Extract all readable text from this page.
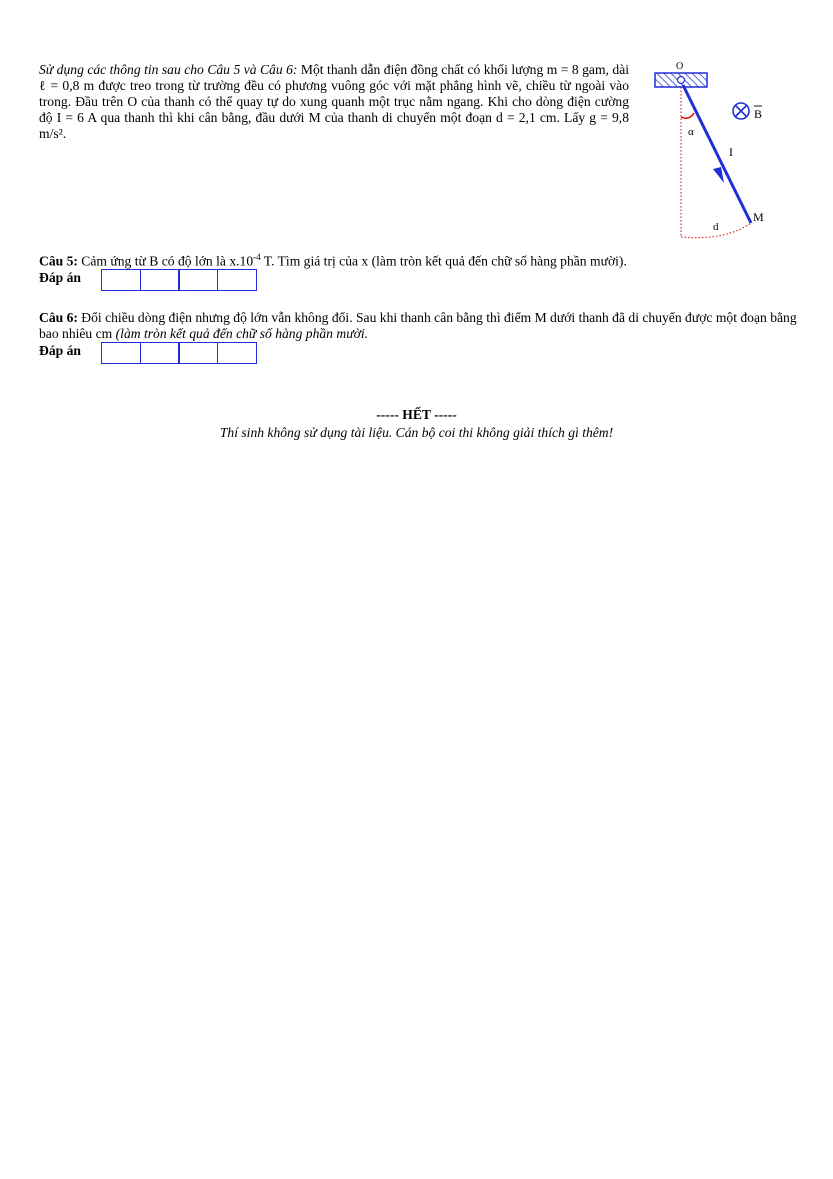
Sử dụng các thông tin sau cho Câu 5 và Câu 6: Một thanh dẫn điện đồng chất có khối lượng m = 8 gam, dài ℓ = 0,8 m được treo trong từ trường đều có phương vuông góc với mặt phẳng hình vẽ, chiều từ ngoài vào trong. Đầu trên O của thanh có thể quay tự do xung quanh một trục nằm ngang. Khi cho dòng điện cường độ I = 6 A qua thanh thì khi cân bằng, đầu dưới M của thanh di chuyển một đoạn d = 2,1 cm. Lấy g = 9,8 m/s².
O
α
I
M
d
B
Câu 5: Cảm ứng từ B có độ lớn là $x.10^{-4}$ T. Tìm giá trị của x (làm tròn kết quả đến chữ số hàng phần mười).
Đáp án
Câu 6: Đổi chiều dòng điện nhưng độ lớn vẫn không đổi. Sau khi thanh cân bằng thì điểm M dưới thanh đã di chuyển được một đoạn bằng bao nhiêu cm (làm tròn kết quả đến chữ số hàng phần mười.
Đáp án
----- HẾT -----
Thí sinh không sử dụng tài liệu. Cán bộ coi thi không giải thích gì thêm!
